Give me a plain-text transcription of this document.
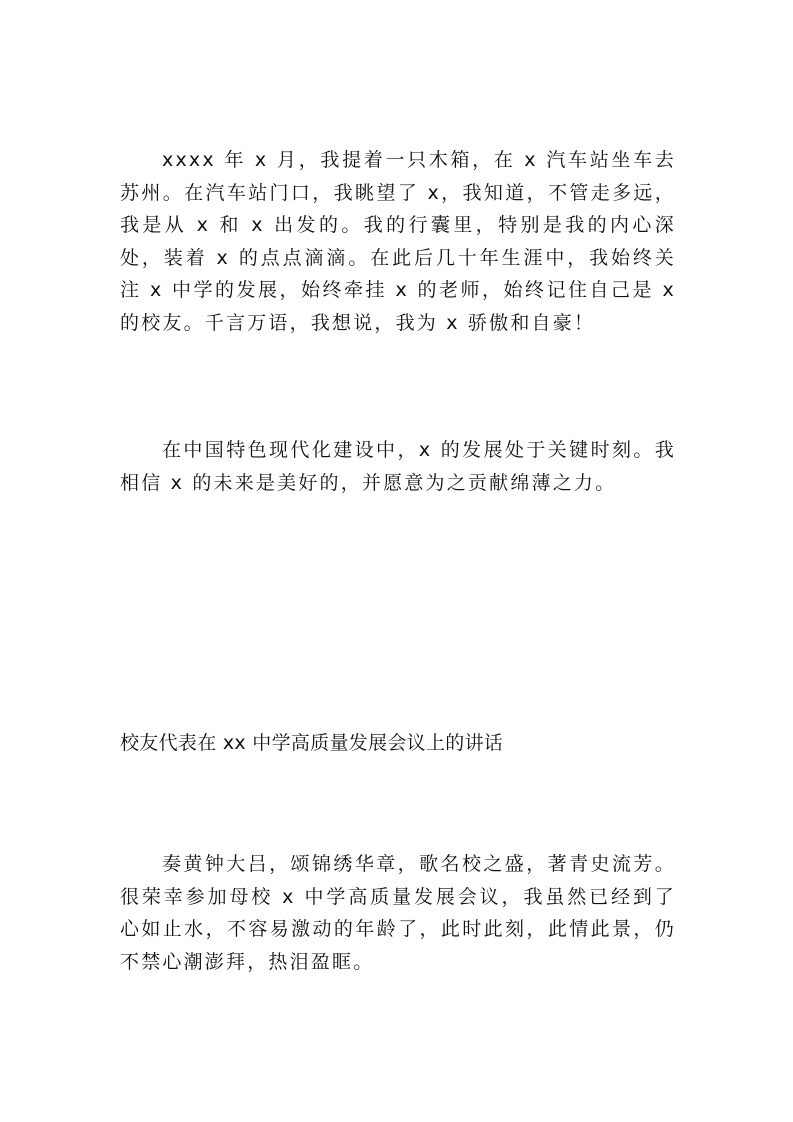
xxxx 年 x 月，我提着一只木箱，在 x 汽车站坐车去苏州。在汽车站门口，我眺望了 x，我知道，不管走多远，我是从 x 和 x 出发的。我的行囊里，特别是我的内心深处，装着 x 的点点滴滴。在此后几十年生涯中，我始终关注 x 中学的发展，始终牵挂 x 的老师，始终记住自己是 x 的校友。千言万语，我想说，我为 x 骄傲和自豪！

在中国特色现代化建设中，x 的发展处于关键时刻。我相信 x 的未来是美好的，并愿意为之贡献绵薄之力。

校友代表在 xx 中学高质量发展会议上的讲话

奏黄钟大吕，颂锦绣华章，歌名校之盛，著青史流芳。很荣幸参加母校 x 中学高质量发展会议，我虽然已经到了心如止水，不容易激动的年龄了，此时此刻，此情此景，仍不禁心潮澎拜，热泪盈眶。
